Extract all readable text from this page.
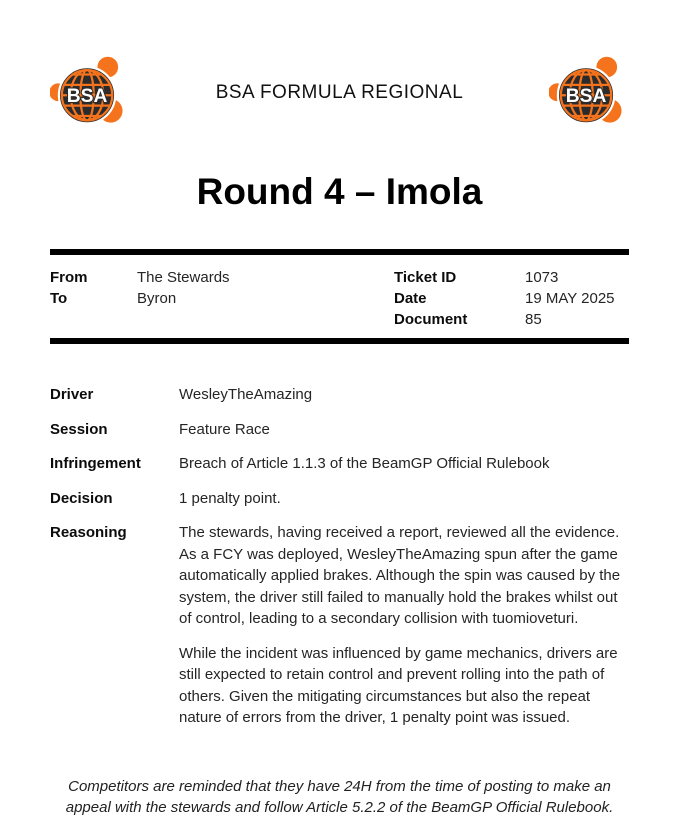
BSA	BSA FORMULA REGIONAL	BSA
Round 4 – Imola
From	The Stewards
To	Byron
Ticket ID	1073
Date	19 MAY 2025
Document	85
Driver	WesleyTheAmazing
Session	Feature Race
Infringement	Breach of Article 1.1.3 of the BeamGP Official Rulebook
Decision	1 penalty point.
Reasoning	The stewards, having received a report, reviewed all the evidence. As a FCY was deployed, WesleyTheAmazing spun after the game automatically applied brakes. Although the spin was caused by the system, the driver still failed to manually hold the brakes whilst out of control, leading to a secondary collision with tuomioveturi.

While the incident was influenced by game mechanics, drivers are still expected to retain control and prevent rolling into the path of others. Given the mitigating circumstances but also the repeat nature of errors from the driver, 1 penalty point was issued.

Competitors are reminded that they have 24H from the time of posting to make an appeal with the stewards and follow Article 5.2.2 of the BeamGP Official Rulebook.
